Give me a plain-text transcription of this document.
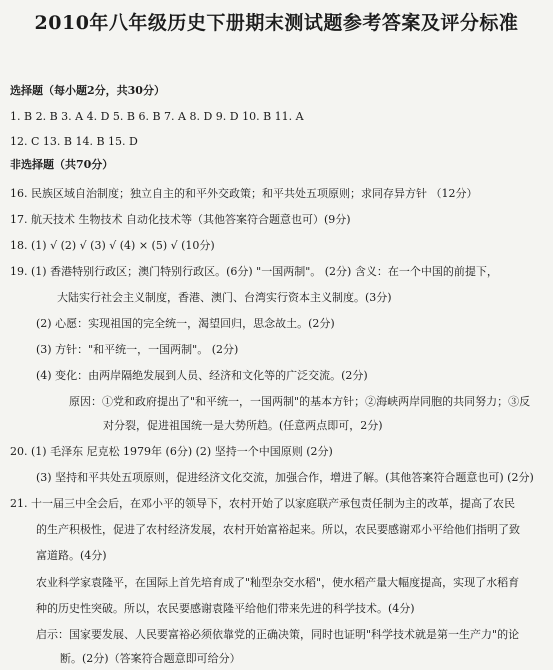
2010年八年级历史下册期末测试题参考答案及评分标准
选择题（每小题2分，共30分）
1. B 2. B 3. A 4. D 5. B 6. B 7. A 8. D 9. D 10. B 11. A
12. C 13. B 14. B 15. D
非选择题（共70分）
16. 民族区域自治制度；独立自主的和平外交政策；和平共处五项原则；求同存异方针 （12分）
17. 航天技术 生物技术 自动化技术等（其他答案符合题意也可）(9分)
18. (1) √ (2) √ (3) √ (4) × (5) √ (10分)
19. (1) 香港特别行政区；澳门特别行政区。(6分) "一国两制"。 (2分) 含义：在一个中国的前提下，
大陆实行社会主义制度，香港、澳门、台湾实行资本主义制度。(3分)
(2) 心愿：实现祖国的完全统一，渴望回归，思念故土。(2分)
(3) 方针："和平统一，一国两制"。 (2分)
(4) 变化：由两岸隔绝发展到人员、经济和文化等的广泛交流。(2分)
原因：①党和政府提出了"和平统一，一国两制"的基本方针；②海峡两岸同胞的共同努力；③反
对分裂，促进祖国统一是大势所趋。(任意两点即可，2分)
20. (1) 毛泽东 尼克松 1979年 (6分) (2) 坚持一个中国原则 (2分)
(3) 坚持和平共处五项原则，促进经济文化交流，加强合作，增进了解。(其他答案符合题意也可) (2分)
21. 十一届三中全会后，在邓小平的领导下，农村开始了以家庭联产承包责任制为主的改革，提高了农民
的生产积极性，促进了农村经济发展，农村开始富裕起来。所以，农民要感谢邓小平给他们指明了致
富道路。(4分)
农业科学家袁隆平，在国际上首先培育成了"籼型杂交水稻"，使水稻产量大幅度提高，实现了水稻育
种的历史性突破。所以，农民要感谢袁隆平给他们带来先进的科学技术。(4分)
启示：国家要发展、人民要富裕必须依靠党的正确决策，同时也证明"科学技术就是第一生产力"的论
断。(2分)（答案符合题意即可给分）
